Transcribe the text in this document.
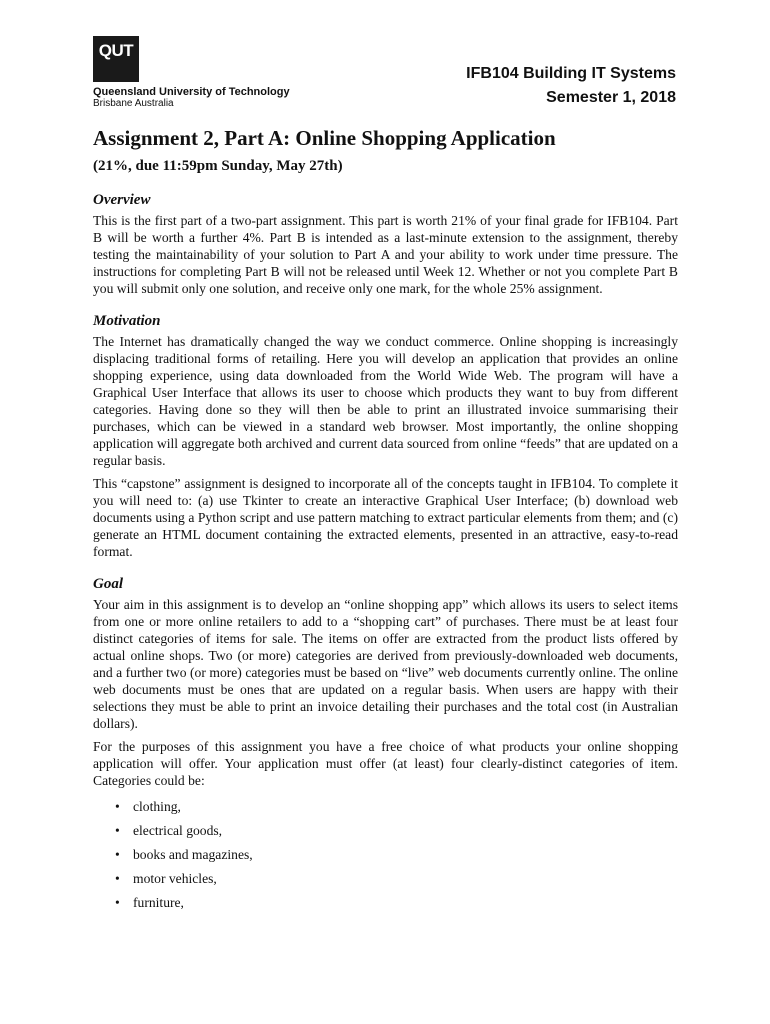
QUT
Queensland University of Technology
Brisbane Australia
IFB104 Building IT Systems
Semester 1, 2018
Assignment 2, Part A: Online Shopping Application
(21%, due 11:59pm Sunday, May 27th)
Overview

This is the first part of a two-part assignment. This part is worth 21% of your final grade for IFB104. Part B will be worth a further 4%. Part B is intended as a last-minute extension to the assignment, thereby testing the maintainability of your solution to Part A and your ability to work under time pressure. The instructions for completing Part B will not be released until Week 12. Whether or not you complete Part B you will submit only one solution, and receive only one mark, for the whole 25% assignment.

Motivation

The Internet has dramatically changed the way we conduct commerce. Online shopping is increasingly displacing traditional forms of retailing. Here you will develop an application that provides an online shopping experience, using data downloaded from the World Wide Web. The program will have a Graphical User Interface that allows its user to choose which products they want to buy from different categories. Having done so they will then be able to print an illustrated invoice summarising their purchases, which can be viewed in a standard web browser. Most importantly, the online shopping application will aggregate both archived and current data sourced from online “feeds” that are updated on a regular basis.

This “capstone” assignment is designed to incorporate all of the concepts taught in IFB104. To complete it you will need to: (a) use Tkinter to create an interactive Graphical User Interface; (b) download web documents using a Python script and use pattern matching to extract particular elements from them; and (c) generate an HTML document containing the extracted elements, presented in an attractive, easy-to-read format.

Goal

Your aim in this assignment is to develop an “online shopping app” which allows its users to select items from one or more online retailers to add to a “shopping cart” of purchases. There must be at least four distinct categories of items for sale. The items on offer are extracted from the product lists offered by actual online shops. Two (or more) categories are derived from previously-downloaded web documents, and a further two (or more) categories must be based on “live” web documents currently online. The online web documents must be ones that are updated on a regular basis. When users are happy with their selections they must be able to print an invoice detailing their purchases and the total cost (in Australian dollars).

For the purposes of this assignment you have a free choice of what products your online shopping application will offer. Your application must offer (at least) four clearly-distinct categories of item. Categories could be:

• clothing,
• electrical goods,
• books and magazines,
• motor vehicles,
• furniture,
